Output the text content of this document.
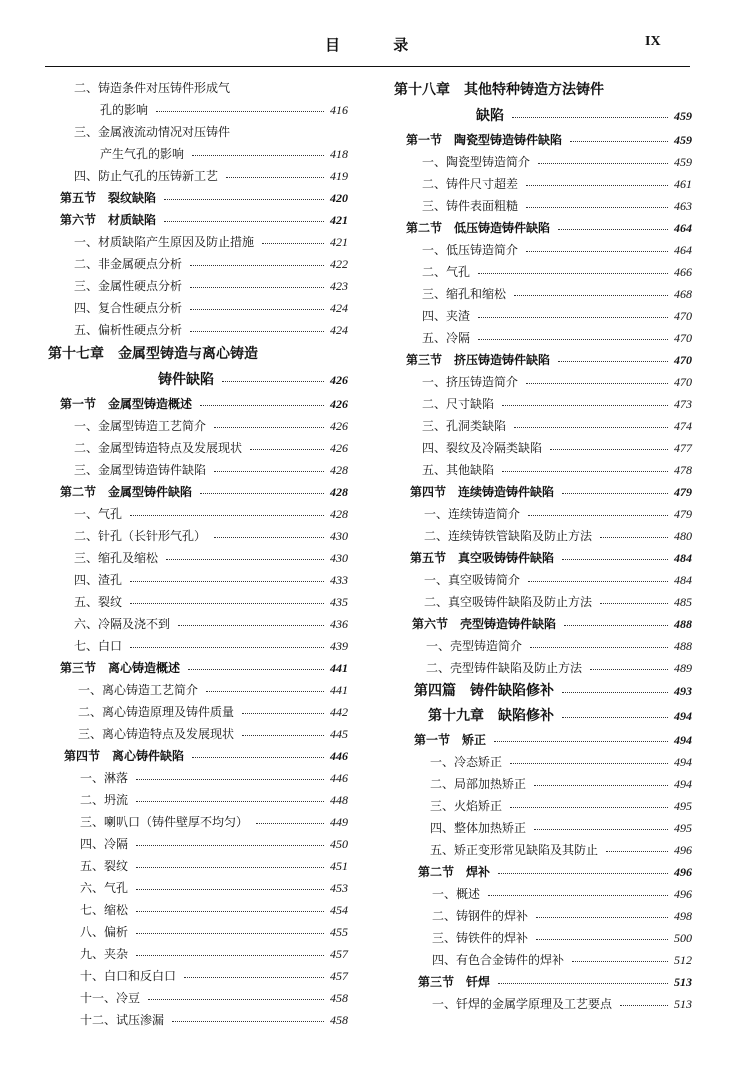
目 录	IX
二、铸造条件对压铸件形成气
孔的影响	416
三、金属液流动情况对压铸件
产生气孔的影响	418
四、防止气孔的压铸新工艺	419
第五节　裂纹缺陷	420
第六节　材质缺陷	421
一、材质缺陷产生原因及防止措施	421
二、非金属硬点分析	422
三、金属性硬点分析	423
四、复合性硬点分析	424
五、偏析性硬点分析	424
第十七章　金属型铸造与离心铸造
铸件缺陷	426
第一节　金属型铸造概述	426
一、金属型铸造工艺简介	426
二、金属型铸造特点及发展现状	426
三、金属型铸造铸件缺陷	428
第二节　金属型铸件缺陷	428
一、气孔	428
二、针孔（长针形气孔）	430
三、缩孔及缩松	430
四、渣孔	433
五、裂纹	435
六、冷隔及浇不到	436
七、白口	439
第三节　离心铸造概述	441
一、离心铸造工艺简介	441
二、离心铸造原理及铸件质量	442
三、离心铸造特点及发展现状	445
第四节　离心铸件缺陷	446
一、淋落	446
二、坍流	448
三、喇叭口（铸件壁厚不均匀）	449
四、冷隔	450
五、裂纹	451
六、气孔	453
七、缩松	454
八、偏析	455
九、夹杂	457
十、白口和反白口	457
十一、冷豆	458
十二、试压渗漏	458
第十八章　其他特种铸造方法铸件
缺陷	459
第一节　陶瓷型铸造铸件缺陷	459
一、陶瓷型铸造简介	459
二、铸件尺寸超差	461
三、铸件表面粗糙	463
第二节　低压铸造铸件缺陷	464
一、低压铸造简介	464
二、气孔	466
三、缩孔和缩松	468
四、夹渣	470
五、冷隔	470
第三节　挤压铸造铸件缺陷	470
一、挤压铸造简介	470
二、尺寸缺陷	473
三、孔洞类缺陷	474
四、裂纹及冷隔类缺陷	477
五、其他缺陷	478
第四节　连续铸造铸件缺陷	479
一、连续铸造简介	479
二、连续铸铁管缺陷及防止方法	480
第五节　真空吸铸铸件缺陷	484
一、真空吸铸简介	484
二、真空吸铸件缺陷及防止方法	485
第六节　壳型铸造铸件缺陷	488
一、壳型铸造简介	488
二、壳型铸件缺陷及防止方法	489
第四篇　铸件缺陷修补	493
第十九章　缺陷修补	494
第一节　矫正	494
一、冷态矫正	494
二、局部加热矫正	494
三、火焰矫正	495
四、整体加热矫正	495
五、矫正变形常见缺陷及其防止	496
第二节　焊补	496
一、概述	496
二、铸钢件的焊补	498
三、铸铁件的焊补	500
四、有色合金铸件的焊补	512
第三节　钎焊	513
一、钎焊的金属学原理及工艺要点	513
